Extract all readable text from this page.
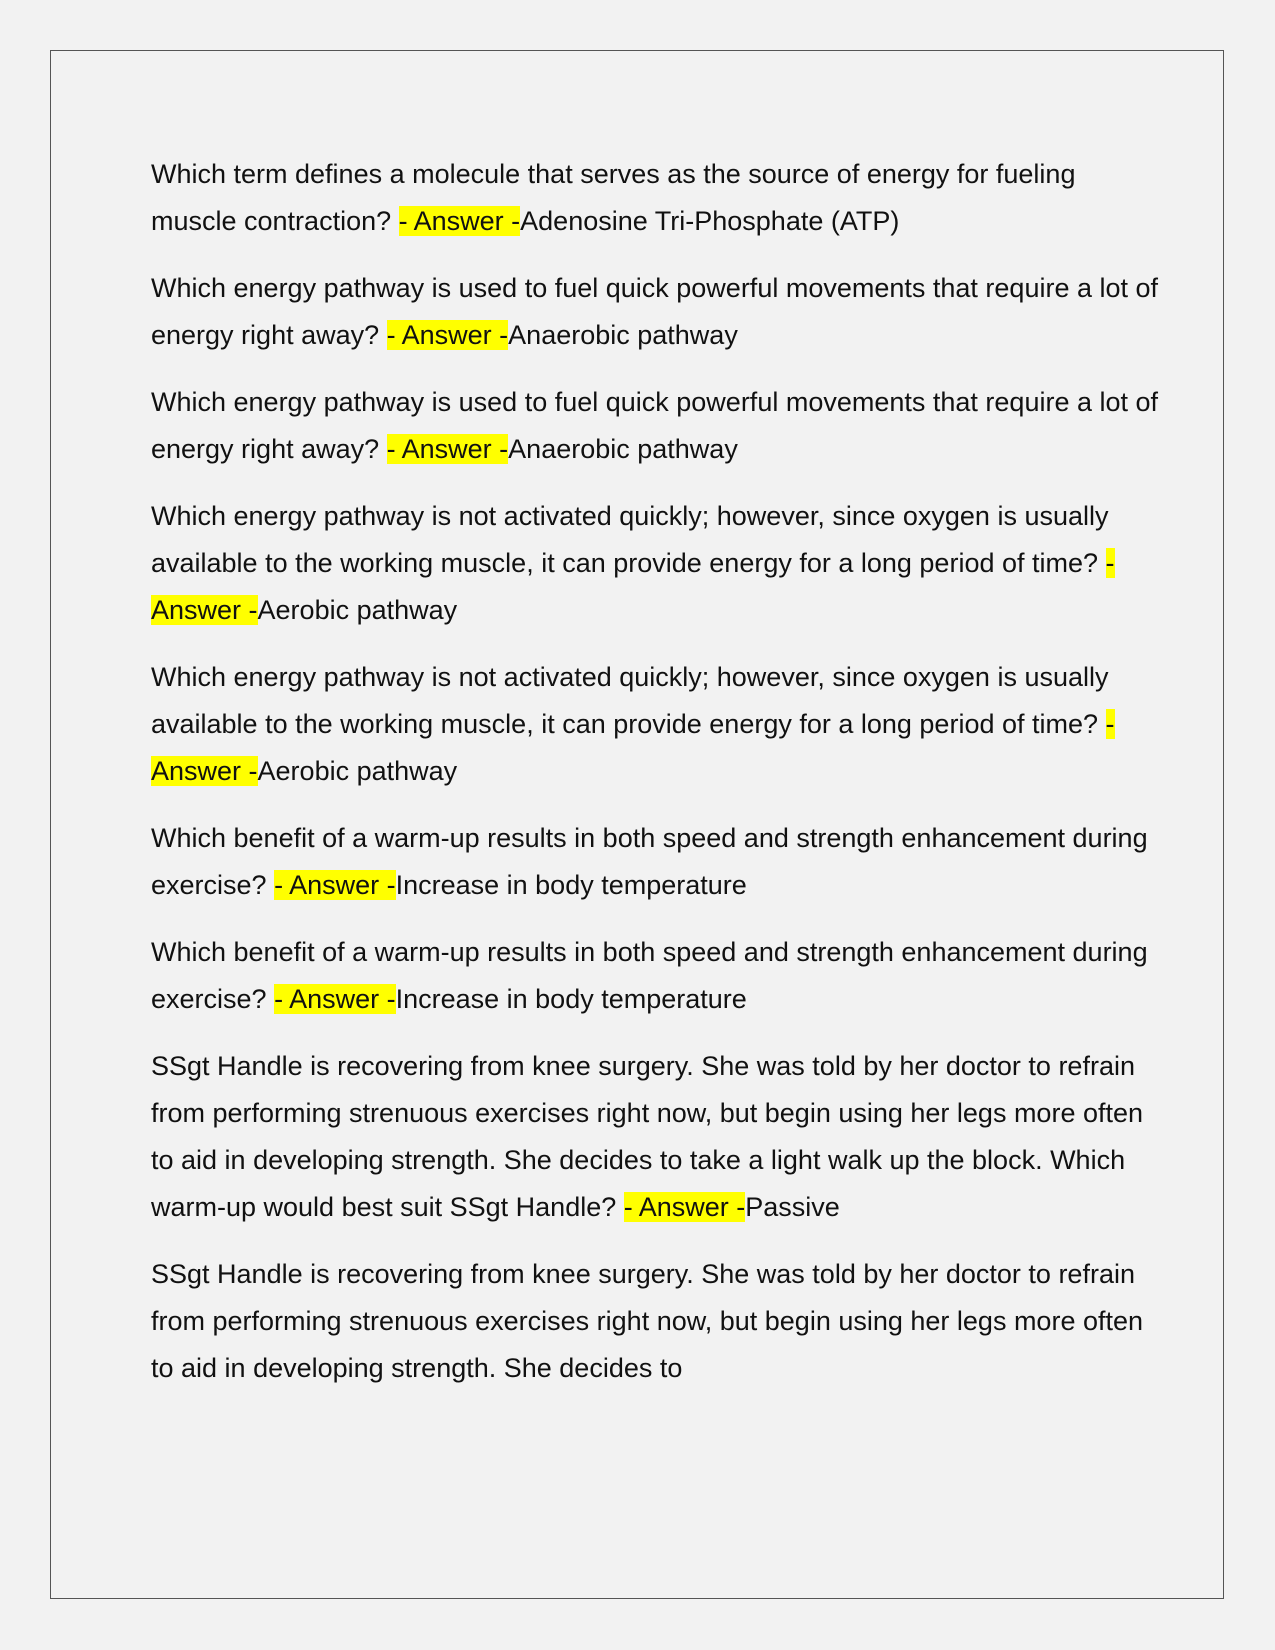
Which term defines a molecule that serves as the source of energy for fueling muscle contraction? - Answer -Adenosine Tri-Phosphate (ATP)

Which energy pathway is used to fuel quick powerful movements that require a lot of energy right away? - Answer -Anaerobic pathway

Which energy pathway is used to fuel quick powerful movements that require a lot of energy right away? - Answer -Anaerobic pathway

Which energy pathway is not activated quickly; however, since oxygen is usually available to the working muscle, it can provide energy for a long period of time? - Answer -Aerobic pathway

Which energy pathway is not activated quickly; however, since oxygen is usually available to the working muscle, it can provide energy for a long period of time? - Answer -Aerobic pathway

Which benefit of a warm-up results in both speed and strength enhancement during exercise? - Answer -Increase in body temperature

Which benefit of a warm-up results in both speed and strength enhancement during exercise? - Answer -Increase in body temperature

SSgt Handle is recovering from knee surgery. She was told by her doctor to refrain from performing strenuous exercises right now, but begin using her legs more often to aid in developing strength. She decides to take a light walk up the block. Which warm-up would best suit SSgt Handle? - Answer -Passive

SSgt Handle is recovering from knee surgery. She was told by her doctor to refrain from performing strenuous exercises right now, but begin using her legs more often to aid in developing strength. She decides to
